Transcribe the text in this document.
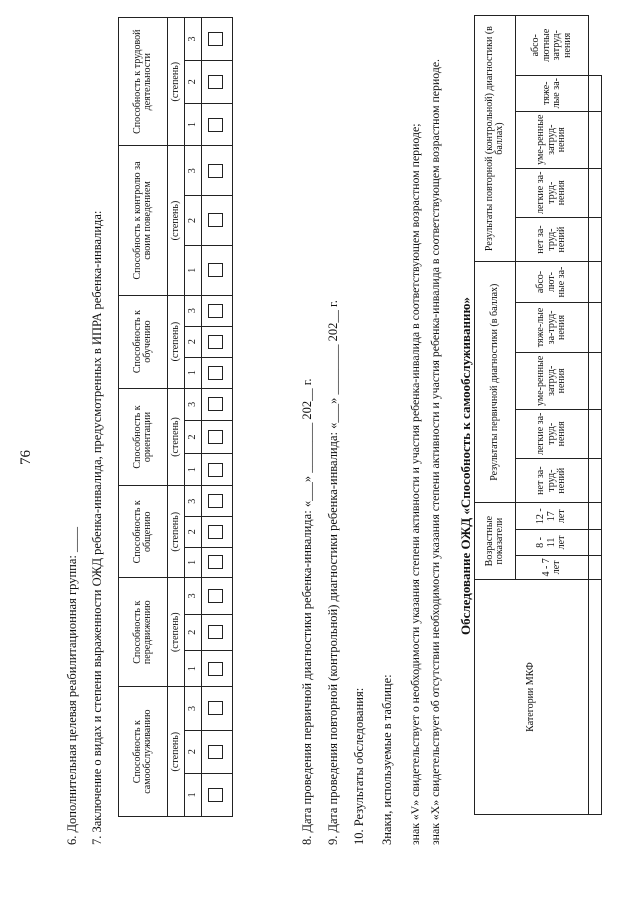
76
6. Дополнительная целевая реабилитационная группа: ____ 7. Заключение о видах и степени выраженности ОЖД ребенка-инвалида, предусмотренных в ИПРА ребенка-инвалида:	Способность к самообслуживанию			Способность к передвижению			Способность к общению			Способность к ориентации			Способность к обучению			Способность к контролю за своим поведением			Способность к трудовой деятельности		
(степень)			(степень)			(степень)			(степень)			(степень)			(степень)			(степень)		
1	2	3	1	2	3	1	2	3	1	2	3	1	2	3	1	2	3	1	2	3

8. Дата проведения первичной диагностики ребенка-инвалида: «___» ________ 202__ г. 9. Дата проведения повторной (контрольной) диагностики ребенка-инвалида: «___» ________ 202__ г. 10. Результаты обследования: Знаки, используемые в таблице: знак «V» свидетельствует о необходимости указания степени активности и участия ребенка-инвалида в соответствующем возрастном периоде; знак «X» свидетельствует об отсутствии необходимости указания степени активности и участия ребенка-инвалида в соответствующем возрастном периоде. Обследование ОЖД «Способность к самообслуживанию»
Категории МКФ	Возрастные показатели			Результаты первичной диагностики (в баллах)					Результаты повторной (контрольной) диагностики (в баллах)				
	4 - 7 лет	8 - 11 лет	12 - 17 лет	нет за-труд-нений	легкие за-труд-нения	уме-ренные затруд-нения	тяже-лые за-труд-нения	абсо-лют-ные за-	нет за-труд-нений	легкие за-труд-нения	уме-ренные затруд-нения	тяже-лые за-	абсо-лютные затруд-нения
